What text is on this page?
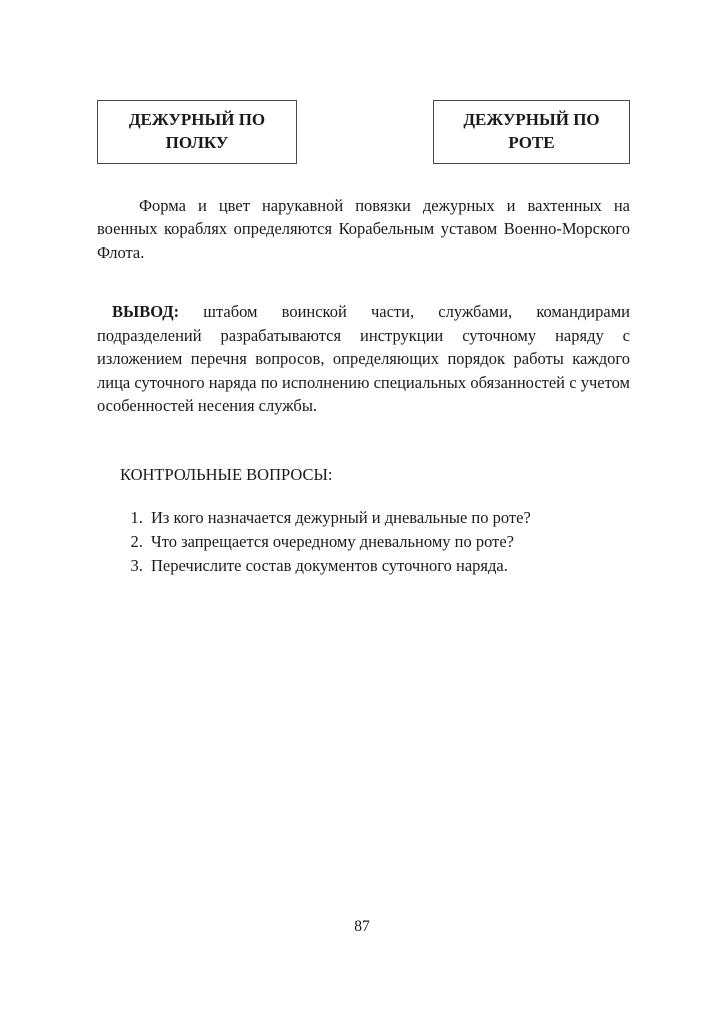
ДЕЖУРНЫЙ ПО ПОЛКУ
ДЕЖУРНЫЙ ПО РОТЕ

Форма и цвет нарукавной повязки дежурных и вахтенных на военных кораблях определяются Корабельным уставом Военно-Морского Флота.

ВЫВОД: штабом воинской части, службами, командирами подразделений разрабатываются инструкции суточному наряду с изложением перечня вопросов, определяющих порядок работы каждого лица суточного наряда по исполнению специальных обязанностей с учетом особенностей несения службы.

КОНТРОЛЬНЫЕ ВОПРОСЫ:
1. Из кого назначается дежурный и дневальные по роте?
2. Что запрещается очередному дневальному по роте?
3. Перечислите состав документов суточного наряда.
87
